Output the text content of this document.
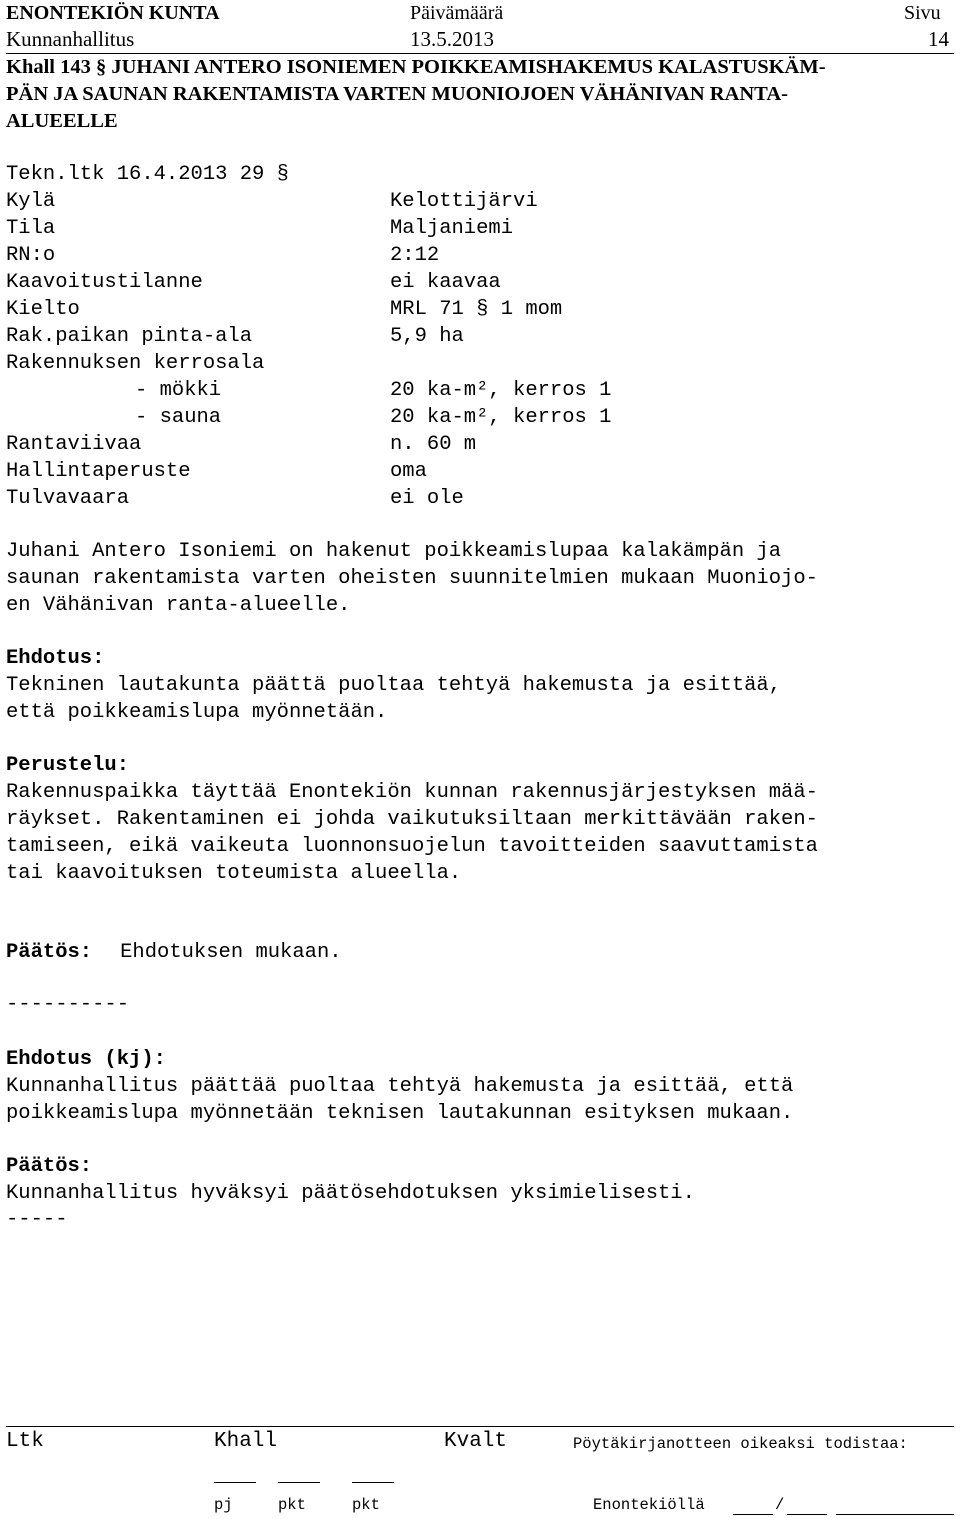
ENONTEKIÖN KUNTA	Päivämäärä	Sivu
Kunnanhallitus	13.5.2013	14
Khall 143 § JUHANI ANTERO ISONIEMEN POIKKEAMISHAKEMUS KALASTUSKÄM-
PÄN JA SAUNAN RAKENTAMISTA VARTEN MUONIOJOEN VÄHÄNIVAN RANTA-
ALUEELLE
Tekn.ltk 16.4.2013 29 §
Kylä	Kelottijärvi
Tila	Maljaniemi
RN:o	2:12
Kaavoitustilanne	ei kaavaa
Kielto	MRL 71 § 1 mom
Rak.paikan pinta-ala	5,9 ha
Rakennuksen kerrosala
- mökki	20 ka-m², kerros 1
- sauna	20 ka-m², kerros 1
Rantaviivaa	n. 60 m
Hallintaperuste	oma
Tulvavaara	ei ole
Juhani Antero Isoniemi on hakenut poikkeamislupaa kalakämpän ja
saunan rakentamista varten oheisten suunnitelmien mukaan Muoniojo-
en Vähänivan ranta-alueelle.
Ehdotus:
Tekninen lautakunta päättä puoltaa tehtyä hakemusta ja esittää,
että poikkeamislupa myönnetään.
Perustelu:
Rakennuspaikka täyttää Enontekiön kunnan rakennusjärjestyksen mää-
räykset. Rakentaminen ei johda vaikutuksiltaan merkittävään raken-
tamiseen, eikä vaikeuta luonnonsuojelun tavoitteiden saavuttamista
tai kaavoituksen toteumista alueella.
Päätös: Ehdotuksen mukaan.
----------
Ehdotus (kj):
Kunnanhallitus päättää puoltaa tehtyä hakemusta ja esittää, että
poikkeamislupa myönnetään teknisen lautakunnan esityksen mukaan.
Päätös:
Kunnanhallitus hyväksyi päätösehdotuksen yksimielisesti.
-----
Ltk	Khall	Kvalt	Pöytäkirjanotteen oikeaksi todistaa:
pj	pkt	pkt	Enontekiöllä	/
